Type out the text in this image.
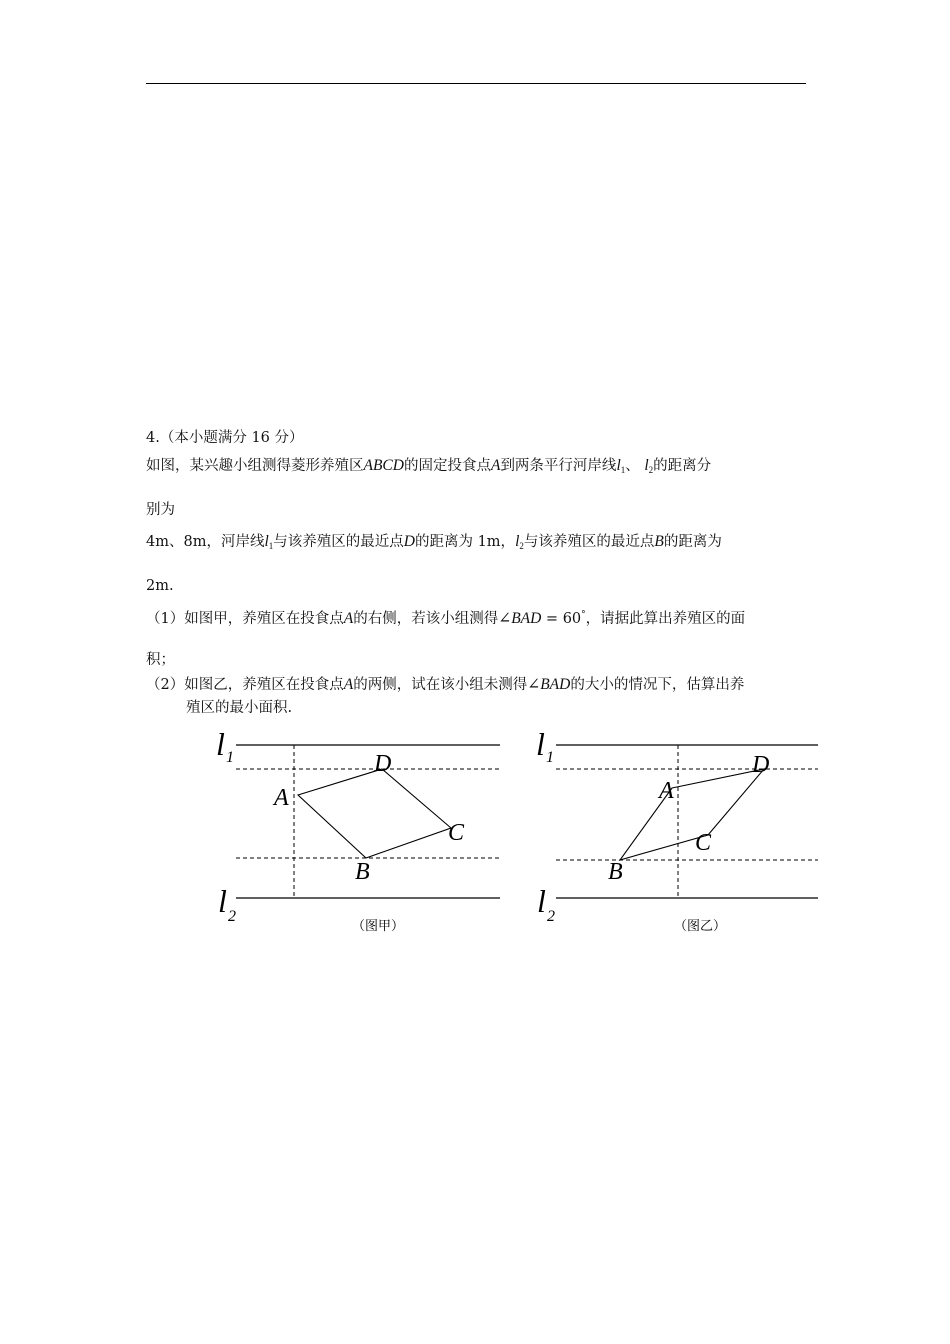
4.（本小题满分 16 分）
如图，某兴趣小组测得菱形养殖区ABCD的固定投食点A到两条平行河岸线$l_1$、 $l_2$的距离分
别为
4m、8m，河岸线$l_1$与该养殖区的最近点D的距离为 1m，$l_2$与该养殖区的最近点B的距离为
2m.
（1）如图甲，养殖区在投食点A的右侧，若该小组测得∠BAD = 60°，请据此算出养殖区的面
积；
（2）如图乙，养殖区在投食点A的两侧，试在该小组未测得∠BAD的大小的情况下，估算出养
殖区的最小面积.
l 1
l 2
A
D
C
B
（图甲）
l 1
l 2
A
D
C
B
（图乙）
